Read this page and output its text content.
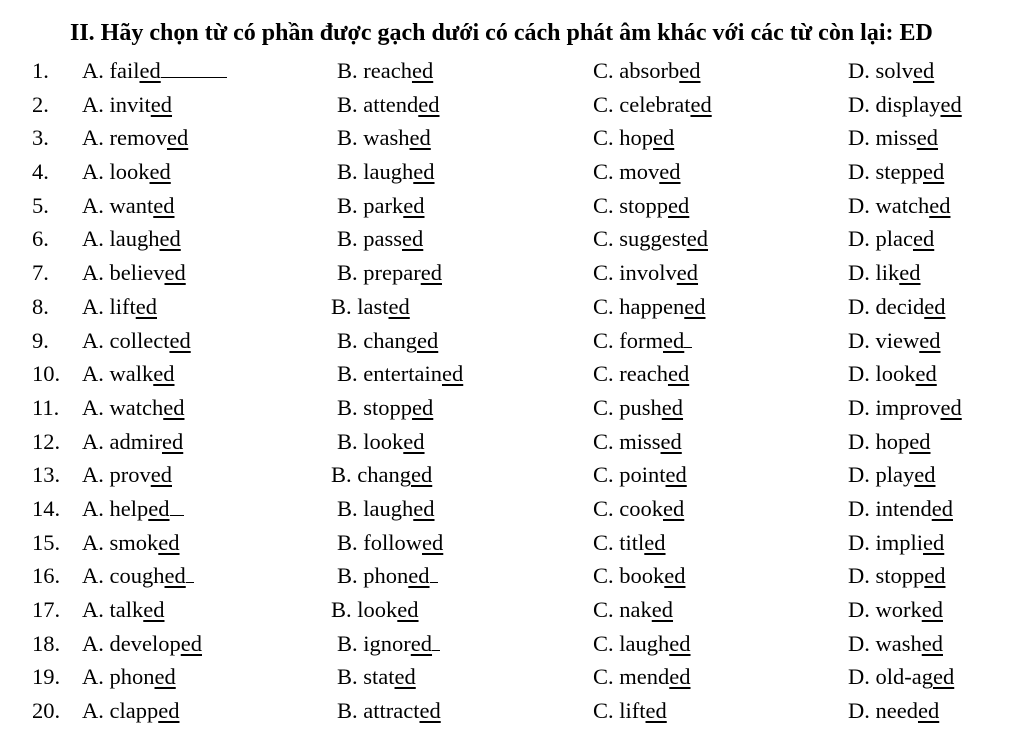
II. Hãy chọn từ có phần được gạch dưới có cách phát âm khác với các từ còn lại: ED
1. A. failed	B. reached	C. absorbed	D. solved
2. A. invited	B. attended	C. celebrated	D. displayed
3. A. removed	B. washed	C. hoped	D. missed
4. A. looked	B. laughed	C. moved	D. stepped
5. A. wanted	B. parked	C. stopped	D. watched
6. A. laughed	B. passed	C. suggested	D. placed
7. A. believed	B. prepared	C. involved	D. liked
8. A. lifted	B. lasted	C. happened	D. decided
9. A. collected	B. changed	C. formed	D. viewed
10. A. walked	B. entertained	C. reached	D. looked
11. A. watched	B. stopped	C. pushed	D. improved
12. A. admired	B. looked	C. missed	D. hoped
13. A. proved	B. changed	C. pointed	D. played
14. A. helped	B. laughed	C. cooked	D. intended
15. A. smoked	B. followed	C. titled	D. implied
16. A. coughed	B. phoned	C. booked	D. stopped
17. A. talked	B. looked	C. naked	D. worked
18. A. developed	B. ignored	C. laughed	D. washed
19. A. phoned	B. stated	C. mended	D. old-aged
20. A. clapped	B. attracted	C. lifted	D. needed
